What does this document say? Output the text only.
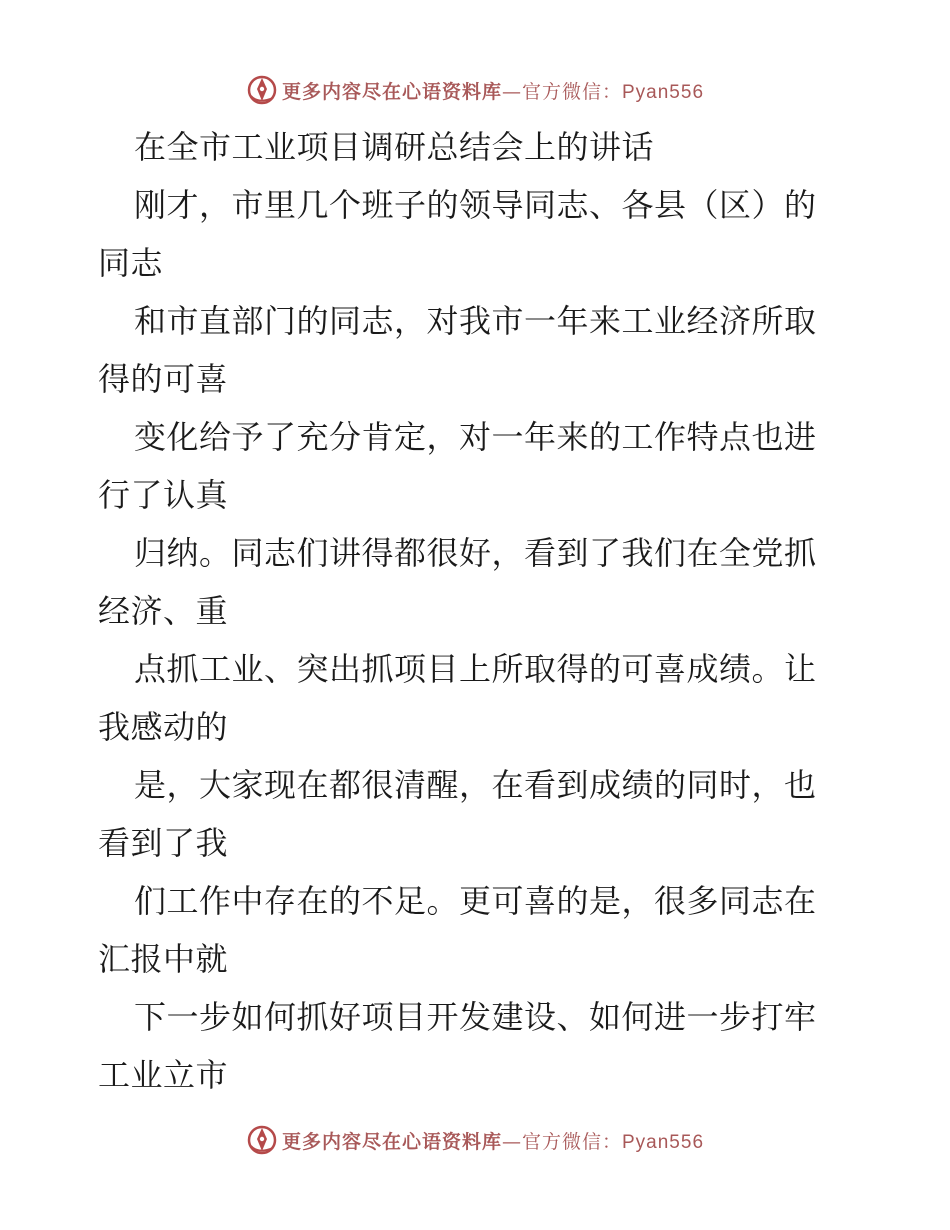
更多内容尽在心语资料库—官方微信：Pyan556
在全市工业项目调研总结会上的讲话
刚才，市里几个班子的领导同志、各县（区）的
同志
和市直部门的同志，对我市一年来工业经济所取
得的可喜
变化给予了充分肯定，对一年来的工作特点也进
行了认真
归纳。同志们讲得都很好，看到了我们在全党抓
经济、重
点抓工业、突出抓项目上所取得的可喜成绩。让
我感动的
是，大家现在都很清醒，在看到成绩的同时，也
看到了我
们工作中存在的不足。更可喜的是，很多同志在
汇报中就
下一步如何抓好项目开发建设、如何进一步打牢
工业立市
更多内容尽在心语资料库—官方微信：Pyan556
